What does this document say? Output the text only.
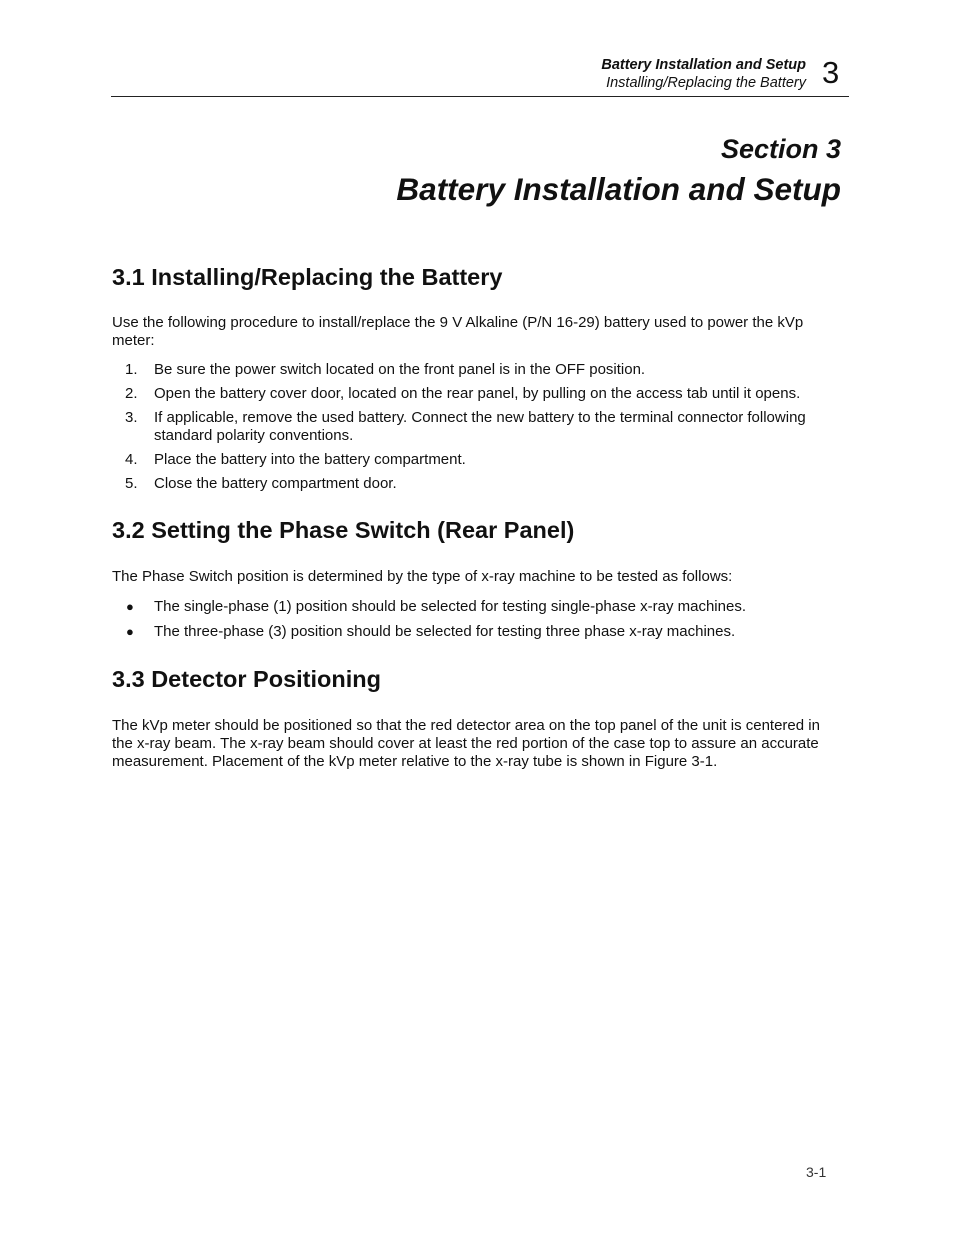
Battery Installation and Setup
Installing/Replacing the Battery 3
Section 3
Battery Installation and Setup
3.1 Installing/Replacing the Battery

Use the following procedure to install/replace the 9 V Alkaline (P/N 16-29) battery used to power the kVp meter:

1. Be sure the power switch located on the front panel is in the OFF position.
2. Open the battery cover door, located on the rear panel, by pulling on the access tab until it opens.
3. If applicable, remove the used battery. Connect the new battery to the terminal connector following standard polarity conventions.
4. Place the battery into the battery compartment.
5. Close the battery compartment door.
3.2 Setting the Phase Switch (Rear Panel)

The Phase Switch position is determined by the type of x-ray machine to be tested as follows:

● The single-phase (1) position should be selected for testing single-phase x-ray machines.
● The three-phase (3) position should be selected for testing three phase x-ray machines.
3.3 Detector Positioning

The kVp meter should be positioned so that the red detector area on the top panel of the unit is centered in the x-ray beam. The x-ray beam should cover at least the red portion of the case top to assure an accurate measurement. Placement of the kVp meter relative to the x-ray tube is shown in Figure 3-1.

3-1
